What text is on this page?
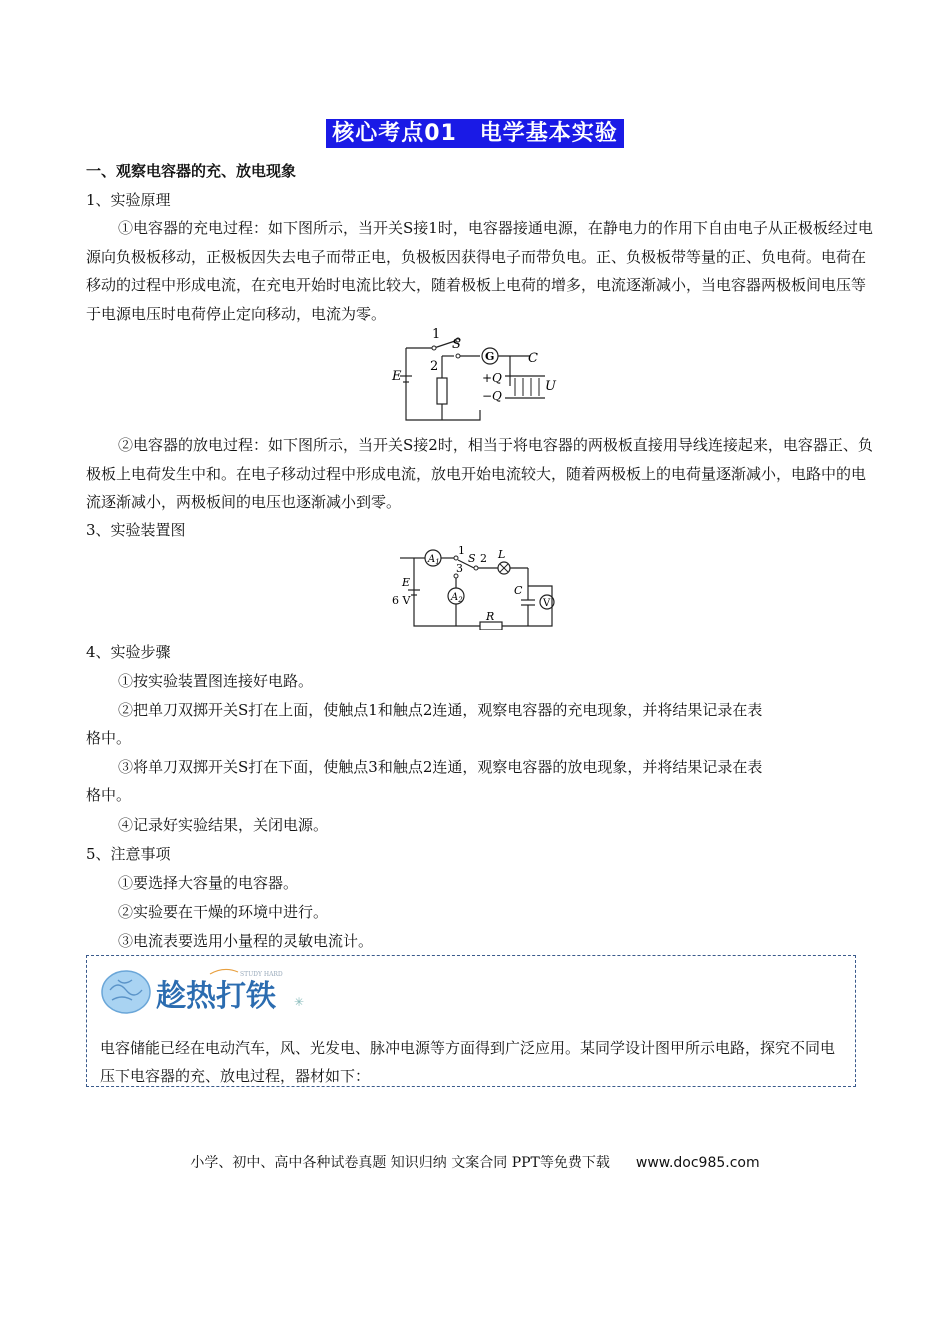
核心考点01　电学基本实验
一、观察电容器的充、放电现象
1、实验原理
①电容器的充电过程：如下图所示，当开关S接1时，电容器接通电源，在静电力的作用下自由电子从正极板经过电源向负极板移动，正极板因失去电子而带正电，负极板因获得电子而带负电。正、负极板带等量的正、负电荷。电荷在移动的过程中形成电流，在充电开始时电流比较大，随着极板上电荷的增多，电流逐渐减小，当电容器两极板间电压等于电源电压时电荷停止定向移动，电流为零。
1
S
2
E
G	C
+Q
−Q
U
②电容器的放电过程：如下图所示，当开关S接2时，相当于将电容器的两极板直接用导线连接起来，电容器正、负极板上电荷发生中和。在电子移动过程中形成电流，放电开始电流较大，随着两极板上的电荷量逐渐减小，电路中的电流逐渐减小，两极板间的电压也逐渐减小到零。
3、实验装置图
$A_1$
$A_2$
1
3
S 2 L
E
6 V
C
R
V
4、实验步骤
①按实验装置图连接好电路。
②把单刀双掷开关S打在上面，使触点1和触点2连通，观察电容器的充电现象，并将结果记录在表
格中。
③将单刀双掷开关S打在下面，使触点3和触点2连通，观察电容器的放电现象，并将结果记录在表
格中。
④记录好实验结果，关闭电源。
5、注意事项
①要选择大容量的电容器。
②实验要在干燥的环境中进行。
③电流表要选用小量程的灵敏电流计。
趁热打铁
STUDY HARD
✳
电容储能已经在电动汽车，风、光发电、脉冲电源等方面得到广泛应用。某同学设计图甲所示电路，探究不同电压下电容器的充、放电过程，器材如下：
小学、初中、高中各种试卷真题 知识归纳 文案合同 PPT等免费下载 www.doc985.com
